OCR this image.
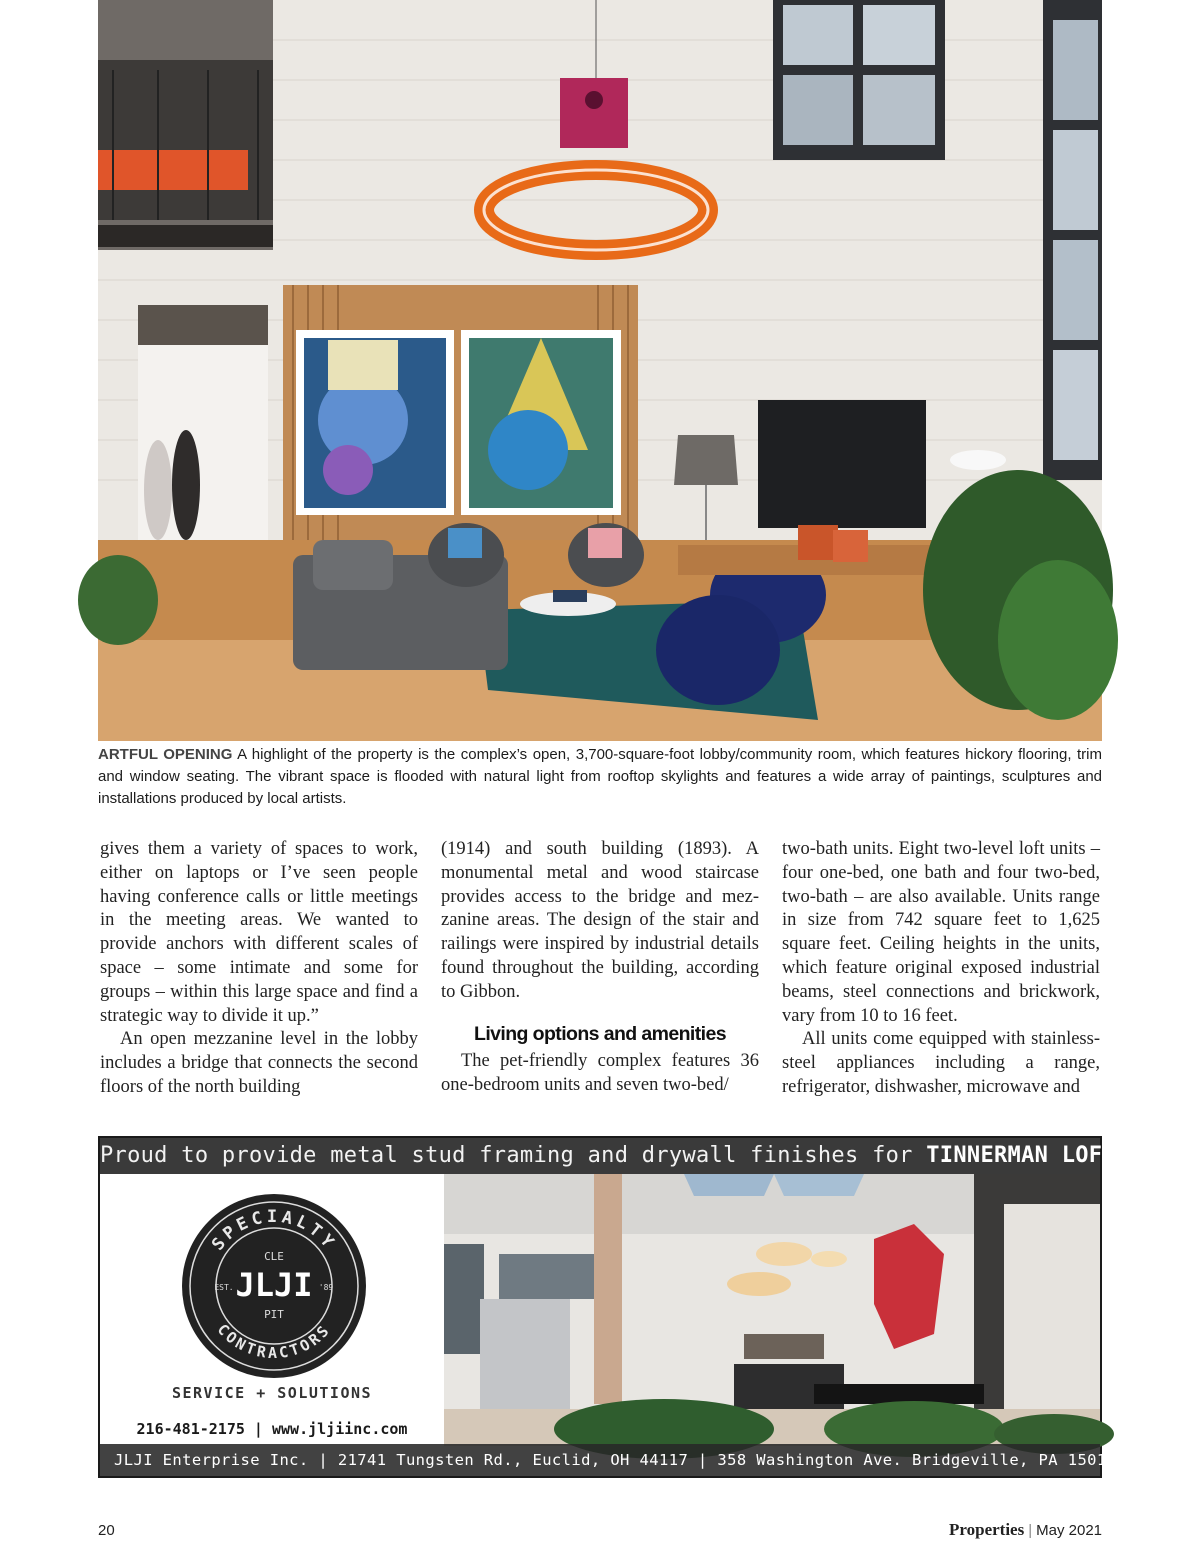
ARTFUL OPENING A highlight of the property is the complex’s open, 3,700-square-foot lobby/community room, which features hickory flooring, trim and window seating. The vibrant space is flooded with natural light from rooftop skylights and features a wide array of paintings, sculptures and installations produced by local artists.

gives them a variety of spaces to work, either on laptops or I’ve seen people having conference calls or little meetings in the meeting areas. We wanted to provide anchors with different scales of space – some intimate and some for groups – within this large space and find a strategic way to divide it up.”

An open mezzanine level in the lobby includes a bridge that connects the second floors of the north building

(1914) and south building (1893). A monumental metal and wood staircase provides access to the bridge and mezzanine areas. The design of the stair and railings were inspired by industrial details found throughout the building, according to Gibbon.

Living options and amenities

The pet-friendly complex features 36 one-bedroom units and seven two-bed/

two-bath units. Eight two-level loft units – four one-bed, one bath and four two-bed, two-bath – are also available. Units range in size from 742 square feet to 1,625 square feet. Ceiling heights in the units, which feature original exposed industrial beams, steel connections and brickwork, vary from 10 to 16 feet.

All units come equipped with stainless-steel appliances including a range, refrigerator, dishwasher, microwave and

Proud to provide metal stud framing and drywall finishes for TINNERMAN LOFTS
SPECIALTY
CONTRACTORS
CLE
JLJI
PIT
EST.	'89
SERVICE + SOLUTIONS
216-481-2175 | www.jljiinc.com
JLJI Enterprise Inc. | 21741 Tungsten Rd., Euclid, OH 44117 | 358 Washington Ave. Bridgeville, PA 15017
20	Properties | May 2021
